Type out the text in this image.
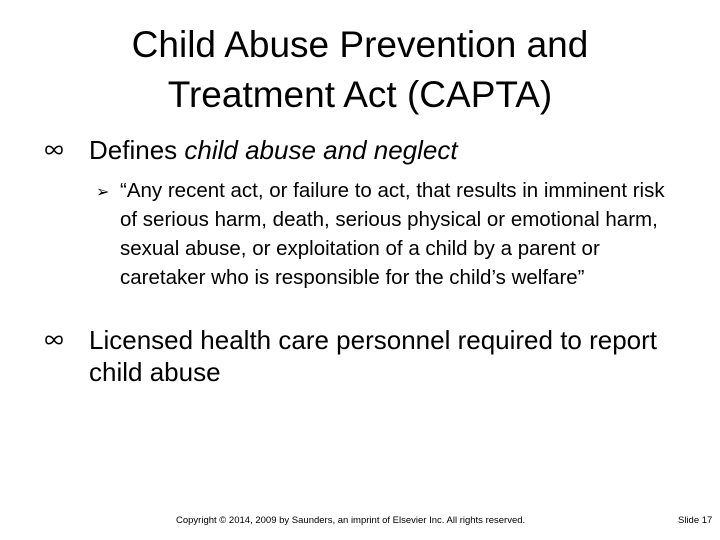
Child Abuse Prevention and
Treatment Act (CAPTA)
Defines child abuse and neglect
➢ “Any recent act, or failure to act, that results in imminent risk of serious harm, death, serious physical or emotional harm, sexual abuse, or exploitation of a child by a parent or caretaker who is responsible for the child’s welfare”
Licensed health care personnel required to report child abuse
Copyright © 2014, 2009 by Saunders, an imprint of Elsevier Inc. All rights reserved.	Slide 17
